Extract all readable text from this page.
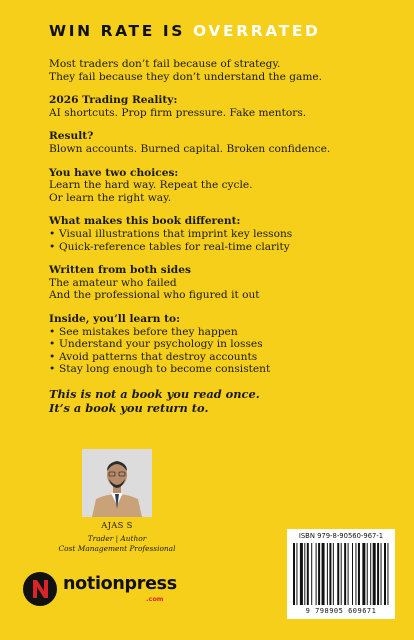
WIN RATE IS OVERRATED

Most traders don’t fail because of strategy.

They fail because they don’t understand the game.

2026 Trading Reality:

AI shortcuts. Prop firm pressure. Fake mentors.

Result?

Blown accounts. Burned capital. Broken confidence.

You have two choices:

Learn the hard way. Repeat the cycle.

Or learn the right way.

What makes this book different:

• Visual illustrations that imprint key lessons
• Quick-reference tables for real-time clarity

Written from both sides

The amateur who failed

And the professional who figured it out

Inside, you’ll learn to:

• See mistakes before they happen
• Understand your psychology in losses
• Avoid patterns that destroy accounts
• Stay long enough to become consistent

This is not a book you read once.

It’s a book you return to.

AJAS S
Trader | Author
Cost Management Professional
notionpress
.com
ISBN 979-8-90560-967-1
9 798905 609671
